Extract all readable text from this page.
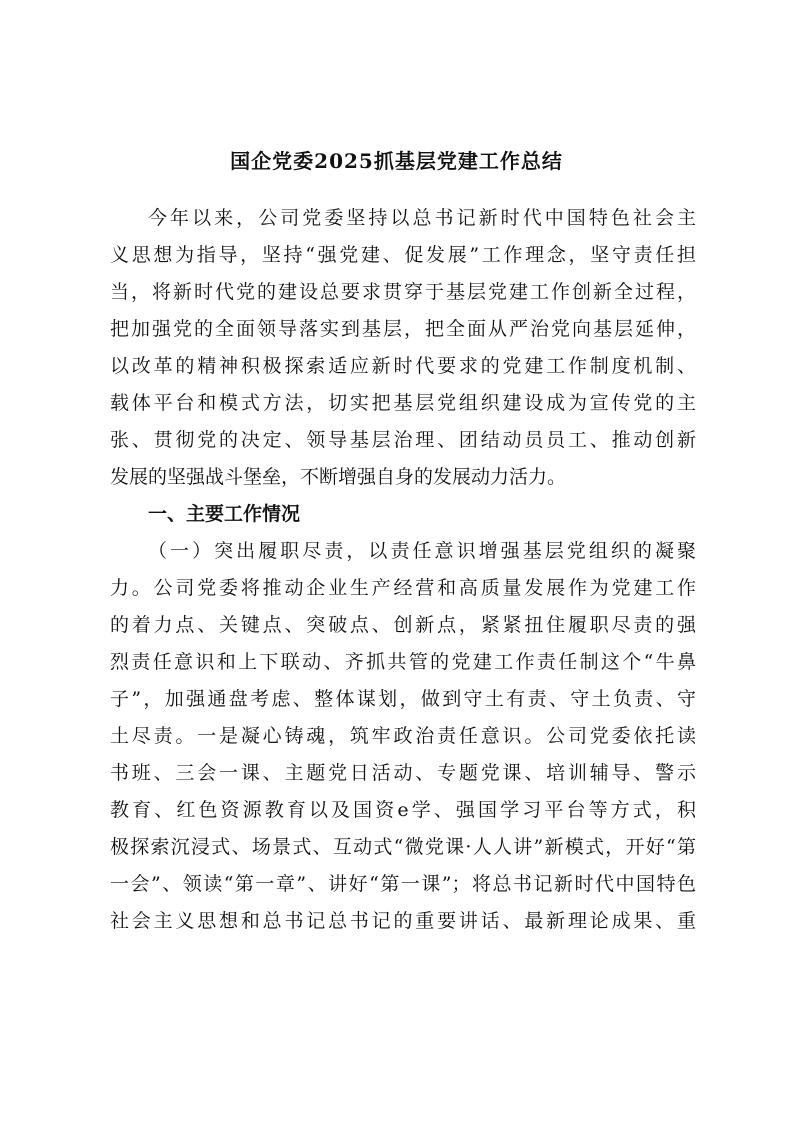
国企党委2025抓基层党建工作总结
今年以来，公司党委坚持以总书记新时代中国特色社会主
义思想为指导，坚持“强党建、促发展”工作理念，坚守责任担
当，将新时代党的建设总要求贯穿于基层党建工作创新全过程，
把加强党的全面领导落实到基层，把全面从严治党向基层延伸，
以改革的精神积极探索适应新时代要求的党建工作制度机制、
载体平台和模式方法，切实把基层党组织建设成为宣传党的主
张、贯彻党的决定、领导基层治理、团结动员员工、推动创新
发展的坚强战斗堡垒，不断增强自身的发展动力活力。
一、主要工作情况
（一）突出履职尽责，以责任意识增强基层党组织的凝聚
力。公司党委将推动企业生产经营和高质量发展作为党建工作
的着力点、关键点、突破点、创新点，紧紧扭住履职尽责的强
烈责任意识和上下联动、齐抓共管的党建工作责任制这个“牛鼻
子”，加强通盘考虑、整体谋划，做到守土有责、守土负责、守
土尽责。一是凝心铸魂，筑牢政治责任意识。公司党委依托读
书班、三会一课、主题党日活动、专题党课、培训辅导、警示
教育、红色资源教育以及国资e学、强国学习平台等方式，积
极探索沉浸式、场景式、互动式“微党课·人人讲”新模式，开好“第
一会”、领读“第一章”、讲好“第一课”；将总书记新时代中国特色
社会主义思想和总书记总书记的重要讲话、最新理论成果、重
